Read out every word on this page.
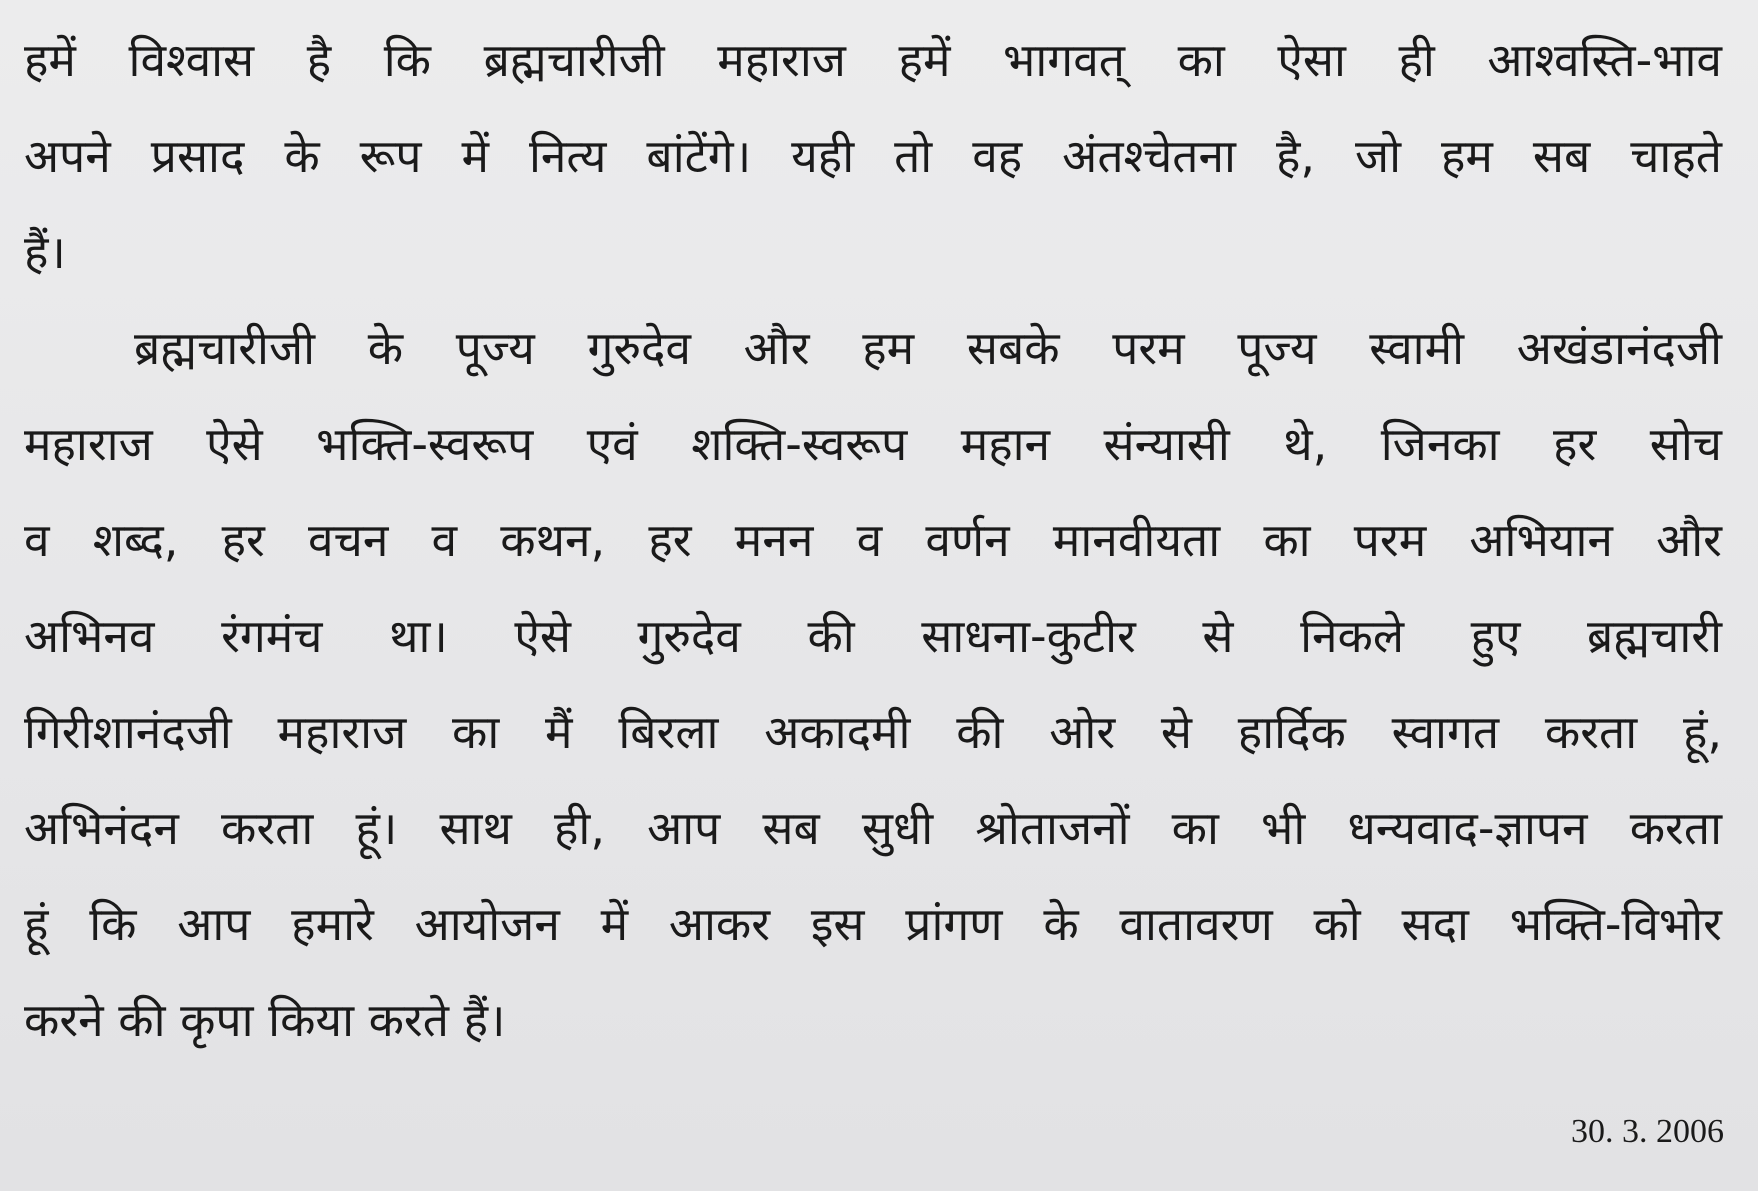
हमें विश्वास है कि ब्रह्मचारीजी महाराज हमें भागवत् का ऐसा ही आश्वस्ति-भाव
अपने प्रसाद के रूप में नित्य बांटेंगे। यही तो वह अंतश्चेतना है, जो हम सब चाहते
हैं।
ब्रह्मचारीजी के पूज्य गुरुदेव और हम सबके परम पूज्य स्वामी अखंडानंदजी
महाराज ऐसे भक्ति-स्वरूप एवं शक्ति-स्वरूप महान संन्यासी थे, जिनका हर सोच
व शब्द, हर वचन व कथन, हर मनन व वर्णन मानवीयता का परम अभियान और
अभिनव रंगमंच था। ऐसे गुरुदेव की साधना-कुटीर से निकले हुए ब्रह्मचारी
गिरीशानंदजी महाराज का मैं बिरला अकादमी की ओर से हार्दिक स्वागत करता हूं,
अभिनंदन करता हूं। साथ ही, आप सब सुधी श्रोताजनों का भी धन्यवाद-ज्ञापन करता
हूं कि आप हमारे आयोजन में आकर इस प्रांगण के वातावरण को सदा भक्ति-विभोर
करने की कृपा किया करते हैं।
30. 3. 2006
